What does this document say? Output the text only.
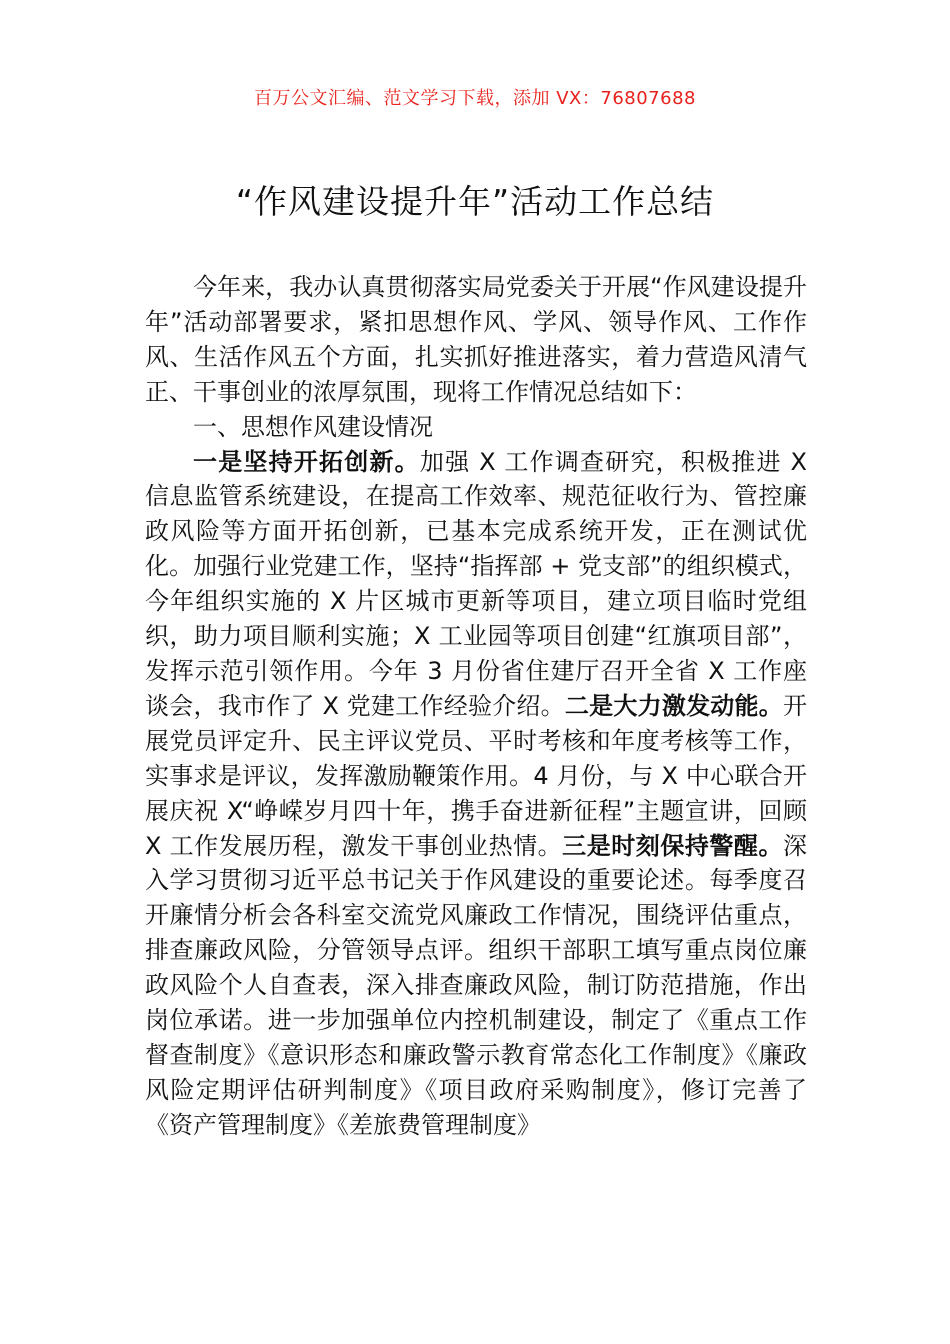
百万公文汇编、范文学习下载，添加 VX：76807688
“作风建设提升年”活动工作总结

今年来，我办认真贯彻落实局党委关于开展“作风建设提升年”活动部署要求，紧扣思想作风、学风、领导作风、工作作风、生活作风五个方面，扎实抓好推进落实，着力营造风清气正、干事创业的浓厚氛围，现将工作情况总结如下：

一、思想作风建设情况

一是坚持开拓创新。加强 X 工作调查研究，积极推进 X 信息监管系统建设，在提高工作效率、规范征收行为、管控廉政风险等方面开拓创新，已基本完成系统开发，正在测试优化。加强行业党建工作，坚持“指挥部 + 党支部”的组织模式，今年组织实施的 X 片区城市更新等项目，建立项目临时党组织，助力项目顺利实施；X 工业园等项目创建“红旗项目部”，发挥示范引领作用。今年 3 月份省住建厅召开全省 X 工作座谈会，我市作了 X 党建工作经验介绍。二是大力激发动能。开展党员评定升、民主评议党员、平时考核和年度考核等工作，实事求是评议，发挥激励鞭策作用。4 月份，与 X 中心联合开展庆祝 X“峥嵘岁月四十年，携手奋进新征程”主题宣讲，回顾 X 工作发展历程，激发干事创业热情。三是时刻保持警醒。深入学习贯彻习近平总书记关于作风建设的重要论述。每季度召开廉情分析会各科室交流党风廉政工作情况，围绕评估重点，排查廉政风险，分管领导点评。组织干部职工填写重点岗位廉政风险个人自查表，深入排查廉政风险，制订防范措施，作出岗位承诺。进一步加强单位内控机制建设，制定了《重点工作督查制度》《意识形态和廉政警示教育常态化工作制度》《廉政风险定期评估研判制度》《项目政府采购制度》，修订完善了《资产管理制度》《差旅费管理制度》
